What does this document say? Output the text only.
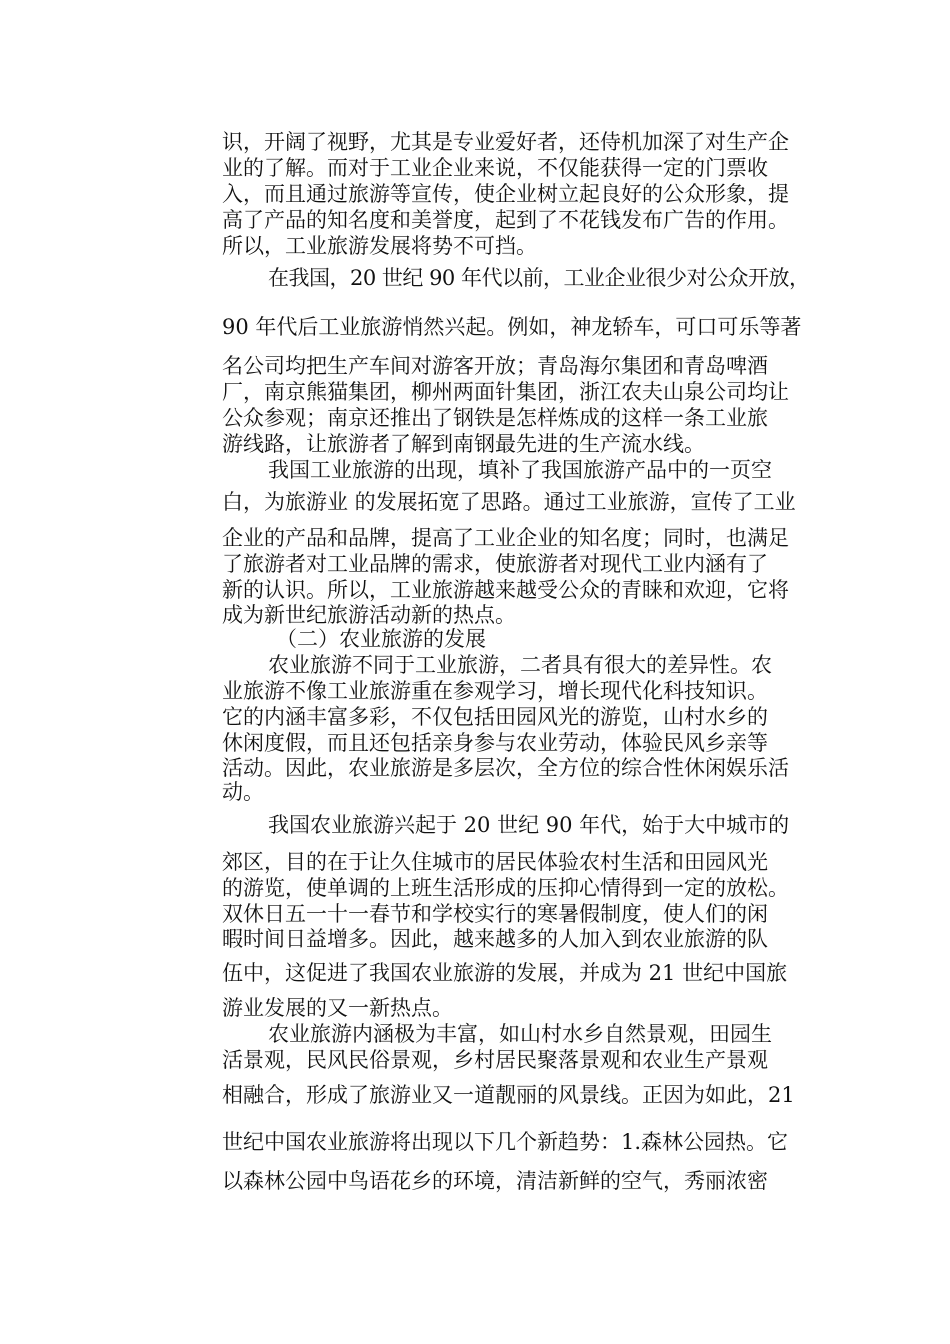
识，开阔了视野，尤其是专业爱好者，还侍机加深了对生产企
业的了解。而对于工业企业来说，不仅能获得一定的门票收
入，而且通过旅游等宣传，使企业树立起良好的公众形象，提
高了产品的知名度和美誉度，起到了不花钱发布广告的作用。
所以，工业旅游发展将势不可挡。
在我国，20 世纪 90 年代以前，工业企业很少对公众开放，
90 年代后工业旅游悄然兴起。例如，神龙轿车，可口可乐等著
名公司均把生产车间对游客开放；青岛海尔集团和青岛啤酒
厂，南京熊猫集团，柳州两面针集团，浙江农夫山泉公司均让
公众参观；南京还推出了钢铁是怎样炼成的这样一条工业旅
游线路，让旅游者了解到南钢最先进的生产流水线。
我国工业旅游的出现，填补了我国旅游产品中的一页空
白，为旅游业 的发展拓宽了思路。通过工业旅游，宣传了工业
企业的产品和品牌，提高了工业企业的知名度；同时，也满足
了旅游者对工业品牌的需求，使旅游者对现代工业内涵有了
新的认识。所以，工业旅游越来越受公众的青睐和欢迎，它将
成为新世纪旅游活动新的热点。
（二）农业旅游的发展
农业旅游不同于工业旅游，二者具有很大的差异性。农
业旅游不像工业旅游重在参观学习，增长现代化科技知识。
它的内涵丰富多彩，不仅包括田园风光的游览，山村水乡的
休闲度假，而且还包括亲身参与农业劳动，体验民风乡亲等
活动。因此，农业旅游是多层次，全方位的综合性休闲娱乐活
动。
我国农业旅游兴起于 20 世纪 90 年代，始于大中城市的
郊区，目的在于让久住城市的居民体验农村生活和田园风光
的游览，使单调的上班生活形成的压抑心情得到一定的放松。
双休日五一十一春节和学校实行的寒暑假制度，使人们的闲
暇时间日益增多。因此，越来越多的人加入到农业旅游的队
伍中，这促进了我国农业旅游的发展，并成为 21 世纪中国旅
游业发展的又一新热点。
农业旅游内涵极为丰富，如山村水乡自然景观，田园生
活景观，民风民俗景观，乡村居民聚落景观和农业生产景观
相融合，形成了旅游业又一道靓丽的风景线。正因为如此，21
世纪中国农业旅游将出现以下几个新趋势：1.森林公园热。它
以森林公园中鸟语花乡的环境，清洁新鲜的空气，秀丽浓密
